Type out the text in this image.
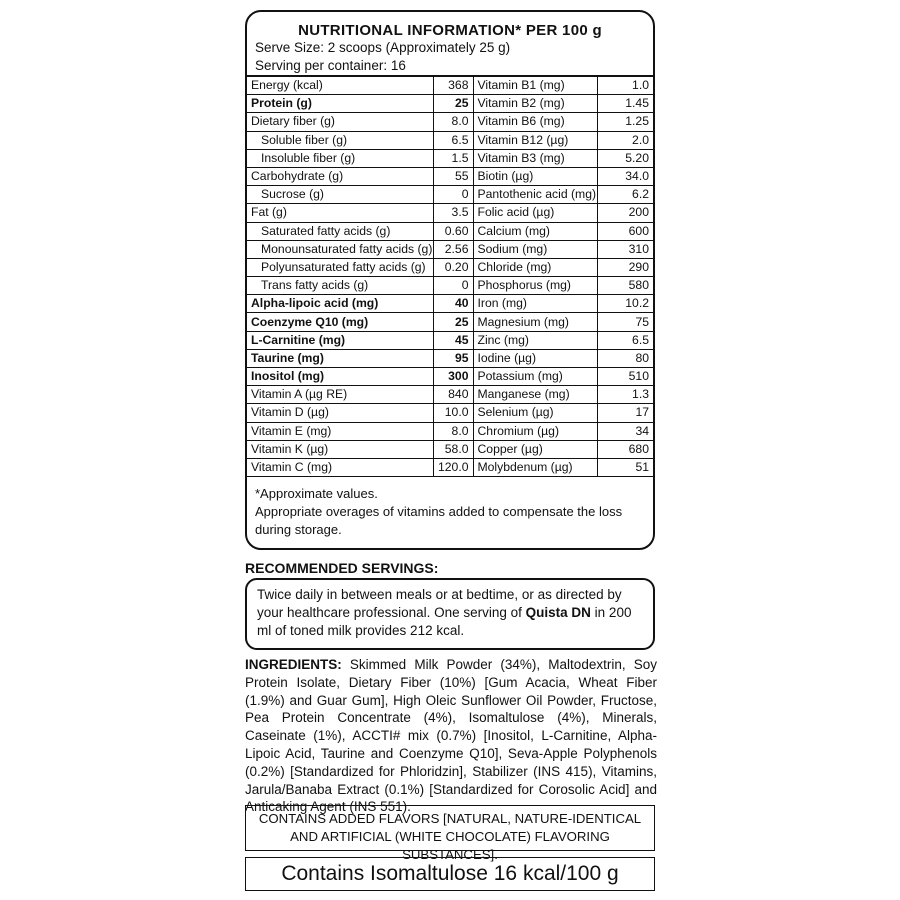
NUTRITIONAL INFORMATION* PER 100 g
Serve Size: 2 scoops (Approximately 25 g)
Serving per container: 16
Energy (kcal)	368	Vitamin B1 (mg)	1.0
Protein (g)	25	Vitamin B2 (mg)	1.45
Dietary fiber (g)	8.0	Vitamin B6 (mg)	1.25
Soluble fiber (g)	6.5	Vitamin B12 (µg)	2.0
Insoluble fiber (g)	1.5	Vitamin B3 (mg)	5.20
Carbohydrate (g)	55	Biotin (µg)	34.0
Sucrose (g)	0	Pantothenic acid (mg)	6.2
Fat (g)	3.5	Folic acid (µg)	200
Saturated fatty acids (g)	0.60	Calcium (mg)	600
Monounsaturated fatty acids (g)	2.56	Sodium (mg)	310
Polyunsaturated fatty acids (g)	0.20	Chloride (mg)	290
Trans fatty acids (g)	0	Phosphorus (mg)	580
Alpha-lipoic acid (mg)	40	Iron (mg)	10.2
Coenzyme Q10 (mg)	25	Magnesium (mg)	75
L-Carnitine (mg)	45	Zinc (mg)	6.5
Taurine (mg)	95	Iodine (µg)	80
Inositol (mg)	300	Potassium (mg)	510
Vitamin A (µg RE)	840	Manganese (mg)	1.3
Vitamin D (µg)	10.0	Selenium (µg)	17
Vitamin E (mg)	8.0	Chromium (µg)	34
Vitamin K (µg)	58.0	Copper (µg)	680
Vitamin C (mg)	120.0	Molybdenum (µg)	51
*Approximate values.
Appropriate overages of vitamins added to compensate the loss during storage.
RECOMMENDED SERVINGS:
Twice daily in between meals or at bedtime, or as directed by your healthcare professional. One serving of Quista DN in 200 ml of toned milk provides 212 kcal.
INGREDIENTS: Skimmed Milk Powder (34%), Maltodextrin, Soy Protein Isolate, Dietary Fiber (10%) [Gum Acacia, Wheat Fiber (1.9%) and Guar Gum], High Oleic Sunflower Oil Powder, Fructose, Pea Protein Concentrate (4%), Isomaltulose (4%), Minerals, Caseinate (1%), ACCTI# mix (0.7%) [Inositol, L-Carnitine, Alpha-Lipoic Acid, Taurine and Coenzyme Q10], Seva-Apple Polyphenols (0.2%) [Standardized for Phloridzin], Stabilizer (INS 415), Vitamins, Jarula/Banaba Extract (0.1%) [Standardized for Corosolic Acid] and Anticaking Agent (INS 551).
CONTAINS ADDED FLAVORS [NATURAL, NATURE-IDENTICAL AND ARTIFICIAL (WHITE CHOCOLATE) FLAVORING SUBSTANCES].
Contains Isomaltulose 16 kcal/100 g
